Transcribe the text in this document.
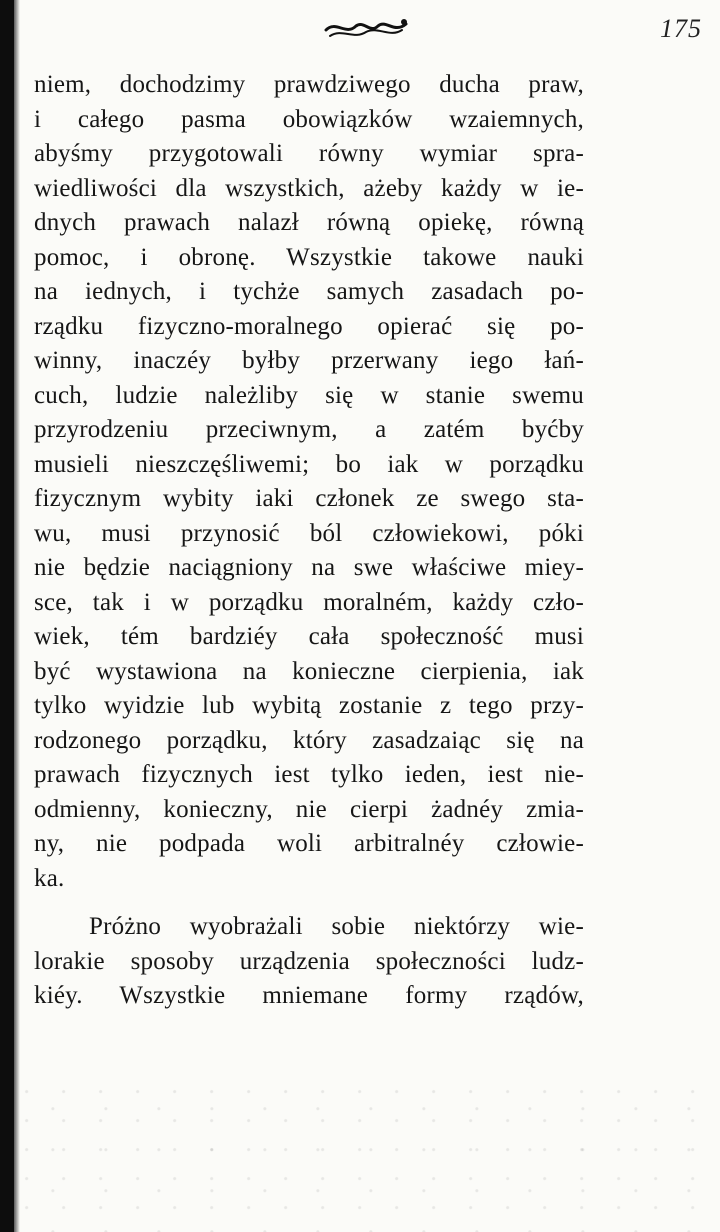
175
niem, dochodzimy prawdziwego ducha praw,
i całego pasma obowiązków wzaiemnych,
abyśmy przygotowali równy wymiar spra-
wiedliwości dla wszystkich, ażeby każdy w ie-
dnych prawach nalazł równą opiekę, równą
pomoc, i obronę. Wszystkie takowe nauki
na iednych, i tychże samych zasadach po-
rządku fizyczno-moralnego opierać się po-
winny, inaczéy byłby przerwany iego łań-
cuch, ludzie należliby się w stanie swemu
przyrodzeniu przeciwnym, a zatém byćby
musieli nieszczęśliwemi; bo iak w porządku
fizycznym wybity iaki członek ze swego sta-
wu, musi przynosić ból człowiekowi, póki
nie będzie naciągniony na swe właściwe miey-
sce, tak i w porządku moralném, każdy czło-
wiek, tém bardziéy cała społeczność musi
być wystawiona na konieczne cierpienia, iak
tylko wyidzie lub wybitą zostanie z tego przy-
rodzonego porządku, który zasadzaiąc się na
prawach fizycznych iest tylko ieden, iest nie-
odmienny, konieczny, nie cierpi żadnéy zmia-
ny, nie podpada woli arbitralnéy człowie-
ka.
Próżno wyobrażali sobie niektórzy wie-
lorakie sposoby urządzenia społeczności ludz-
kiéy. Wszystkie mniemane formy rządów,
